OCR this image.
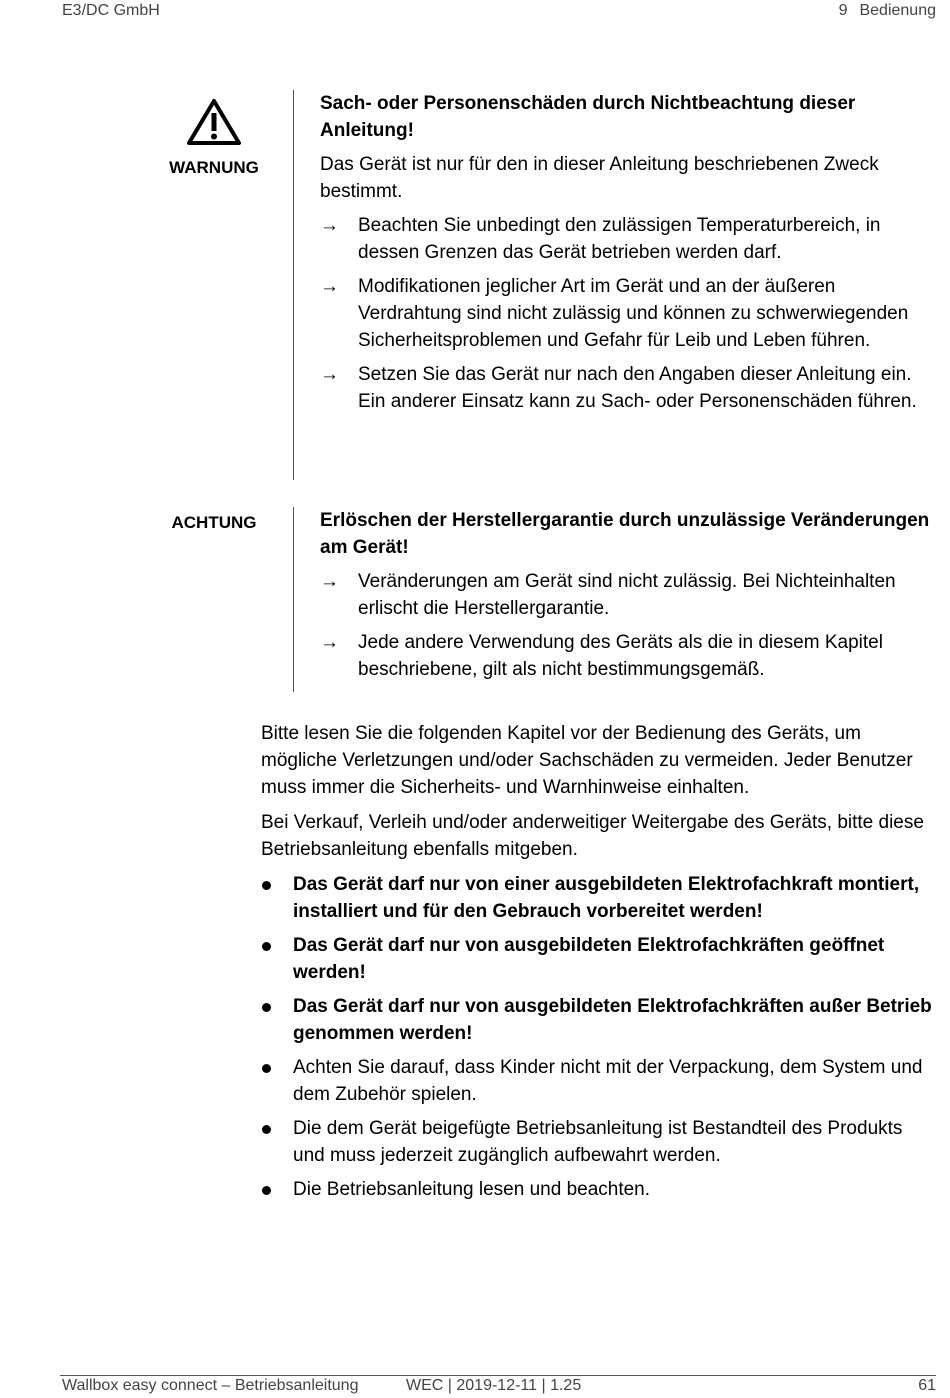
E3/DC GmbH	9 Bedienung
WARNUNG
Sach- oder Personenschäden durch Nichtbeachtung dieser Anleitung!
Das Gerät ist nur für den in dieser Anleitung beschriebenen Zweck bestimmt.
→ Beachten Sie unbedingt den zulässigen Temperaturbereich, in dessen Grenzen das Gerät betrieben werden darf.
→ Modifikationen jeglicher Art im Gerät und an der äußeren Verdrahtung sind nicht zulässig und können zu schwerwiegenden Sicherheitsproblemen und Gefahr für Leib und Leben führen.
→ Setzen Sie das Gerät nur nach den Angaben dieser Anleitung ein. Ein anderer Einsatz kann zu Sach- oder Personenschäden führen.
ACHTUNG	Erlöschen der Herstellergarantie durch unzulässige Veränderungen am Gerät!
→ Veränderungen am Gerät sind nicht zulässig. Bei Nichteinhalten erlischt die Herstellergarantie.
→ Jede andere Verwendung des Geräts als die in diesem Kapitel beschriebene, gilt als nicht bestimmungsgemäß.
Bitte lesen Sie die folgenden Kapitel vor der Bedienung des Geräts, um mögliche Verletzungen und/oder Sachschäden zu vermeiden. Jeder Benutzer muss immer die Sicherheits- und Warnhinweise einhalten.
Bei Verkauf, Verleih und/oder anderweitiger Weitergabe des Geräts, bitte diese Betriebsanleitung ebenfalls mitgeben.
Das Gerät darf nur von einer ausgebildeten Elektrofachkraft montiert, installiert und für den Gebrauch vorbereitet werden!
Das Gerät darf nur von ausgebildeten Elektrofachkräften geöffnet werden!
Das Gerät darf nur von ausgebildeten Elektrofachkräften außer Betrieb genommen werden!
Achten Sie darauf, dass Kinder nicht mit der Verpackung, dem System und dem Zubehör spielen.
Die dem Gerät beigefügte Betriebsanleitung ist Bestandteil des Produkts und muss jederzeit zugänglich aufbewahrt werden.
Die Betriebsanleitung lesen und beachten.
Wallbox easy connect – Betriebsanleitung	WEC | 2019-12-11 | 1.25	61
